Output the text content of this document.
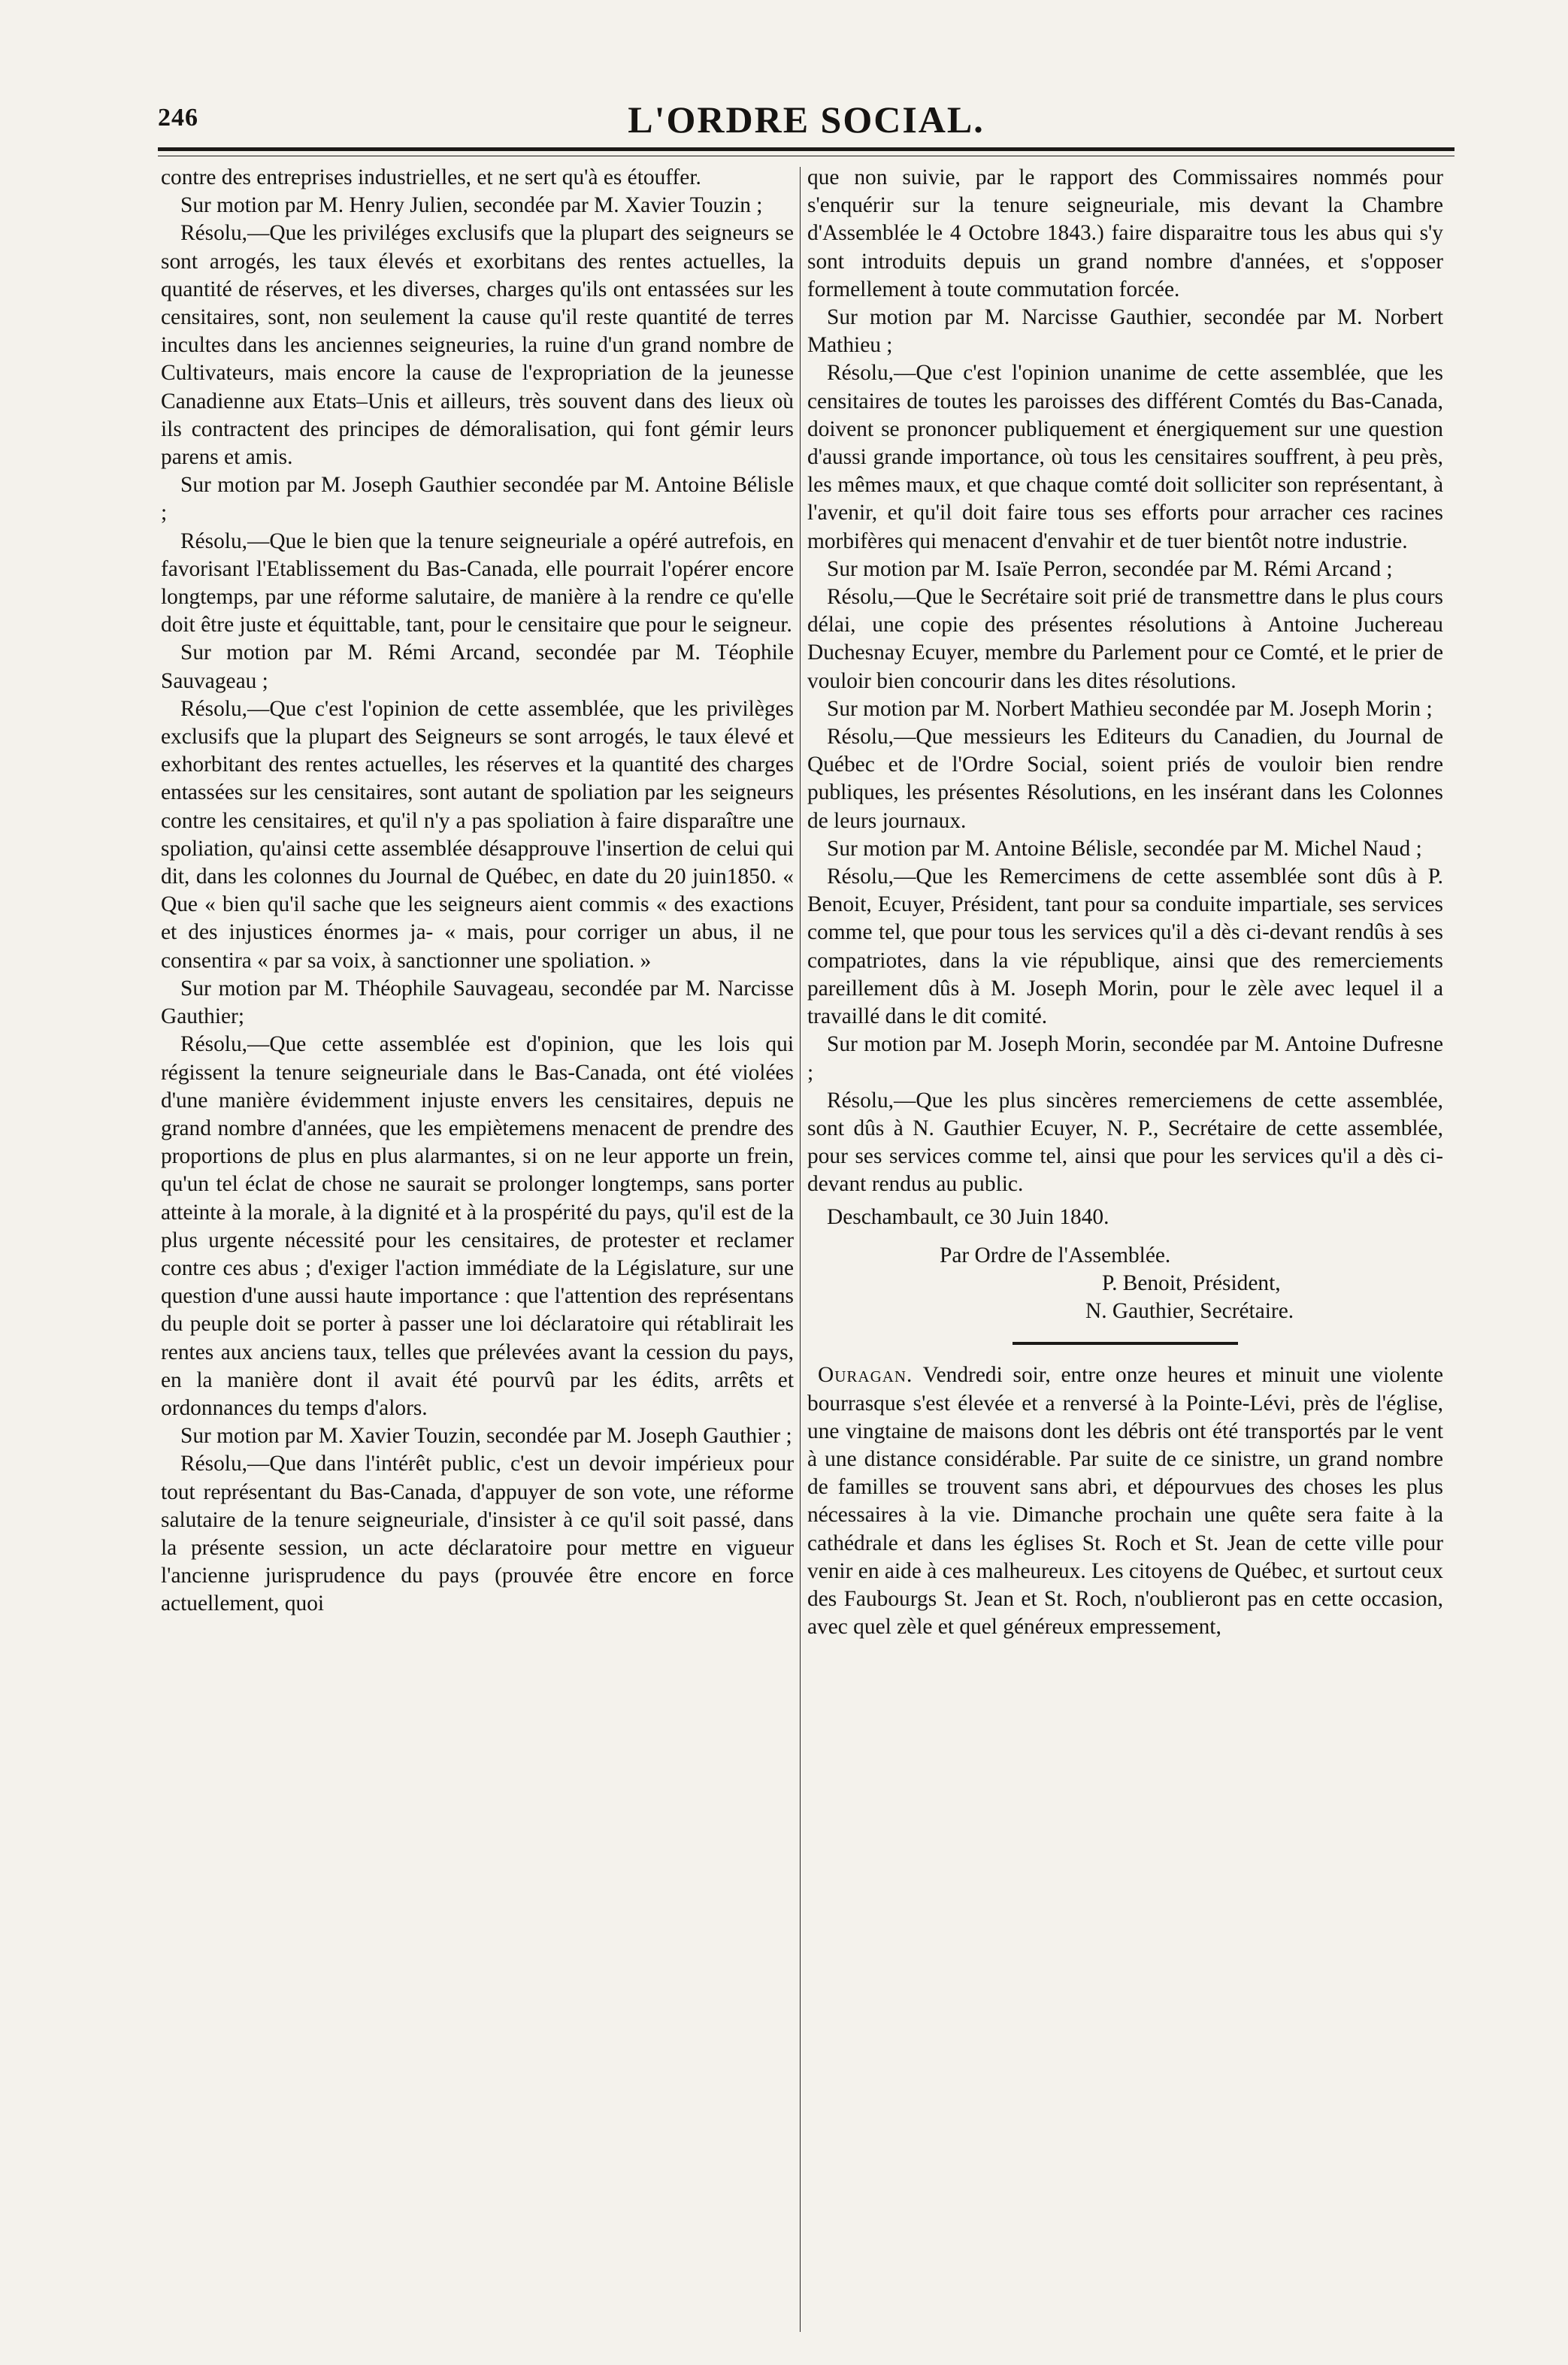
246	L'ORDRE SOCIAL.

contre des entreprises industrielles, et ne sert qu'à es étouffer.

Sur motion par M. Henry Julien, secondée par M. Xavier Touzin ;

Résolu,—Que les priviléges exclusifs que la plupart des seigneurs se sont arrogés, les taux élevés et exorbitans des rentes actuelles, la quantité de réserves, et les diverses, charges qu'ils ont entassées sur les censitaires, sont, non seulement la cause qu'il reste quantité de terres incultes dans les anciennes seigneuries, la ruine d'un grand nombre de Cultivateurs, mais encore la cause de l'expropriation de la jeunesse Canadienne aux Etats–Unis et ailleurs, très souvent dans des lieux où ils contractent des principes de démoralisation, qui font gémir leurs parens et amis.

Sur motion par M. Joseph Gauthier secondée par M. Antoine Bélisle ;

Résolu,—Que le bien que la tenure seigneuriale a opéré autrefois, en favorisant l'Etablissement du Bas-Canada, elle pourrait l'opérer encore longtemps, par une réforme salutaire, de manière à la rendre ce qu'elle doit être juste et équittable, tant, pour le censitaire que pour le seigneur.

Sur motion par M. Rémi Arcand, secondée par M. Téophile Sauvageau ;

Résolu,—Que c'est l'opinion de cette assemblée, que les privilèges exclusifs que la plupart des Seigneurs se sont arrogés, le taux élevé et exhorbitant des rentes actuelles, les réserves et la quantité des charges entassées sur les censitaires, sont autant de spoliation par les seigneurs contre les censitaires, et qu'il n'y a pas spoliation à faire disparaître une spoliation, qu'ainsi cette assemblée désapprouve l'insertion de celui qui dit, dans les colonnes du Journal de Québec, en date du 20 juin1850. « Que « bien qu'il sache que les seigneurs aient commis « des exactions et des injustices énormes ja- « mais, pour corriger un abus, il ne consentira « par sa voix, à sanctionner une spoliation. »

Sur motion par M. Théophile Sauvageau, secondée par M. Narcisse Gauthier;

Résolu,—Que cette assemblée est d'opinion, que les lois qui régissent la tenure seigneuriale dans le Bas-Canada, ont été violées d'une manière évidemment injuste envers les censitaires, depuis ne grand nombre d'années, que les empiètemens menacent de prendre des proportions de plus en plus alarmantes, si on ne leur apporte un frein, qu'un tel éclat de chose ne saurait se prolonger longtemps, sans porter atteinte à la morale, à la dignité et à la prospérité du pays, qu'il est de la plus urgente nécessité pour les censitaires, de protester et reclamer contre ces abus ; d'exiger l'action immédiate de la Législature, sur une question d'une aussi haute importance : que l'attention des représentans du peuple doit se porter à passer une loi déclaratoire qui rétablirait les rentes aux anciens taux, telles que prélevées avant la cession du pays, en la manière dont il avait été pourvû par les édits, arrêts et ordonnances du temps d'alors.

Sur motion par M. Xavier Touzin, secondée par M. Joseph Gauthier ;

Résolu,—Que dans l'intérêt public, c'est un devoir impérieux pour tout représentant du Bas-Canada, d'appuyer de son vote, une réforme salutaire de la tenure seigneuriale, d'insister à ce qu'il soit passé, dans la présente session, un acte déclaratoire pour mettre en vigueur l'ancienne jurisprudence du pays (prouvée être encore en force actuellement, quoi

que non suivie, par le rapport des Commissaires nommés pour s'enquérir sur la tenure seigneuriale, mis devant la Chambre d'Assemblée le 4 Octobre 1843.) faire disparaitre tous les abus qui s'y sont introduits depuis un grand nombre d'années, et s'opposer formellement à toute commutation forcée.

Sur motion par M. Narcisse Gauthier, secondée par M. Norbert Mathieu ;

Résolu,—Que c'est l'opinion unanime de cette assemblée, que les censitaires de toutes les paroisses des différent Comtés du Bas-Canada, doivent se prononcer publiquement et énergiquement sur une question d'aussi grande importance, où tous les censitaires souffrent, à peu près, les mêmes maux, et que chaque comté doit solliciter son représentant, à l'avenir, et qu'il doit faire tous ses efforts pour arracher ces racines morbifères qui menacent d'envahir et de tuer bientôt notre industrie.

Sur motion par M. Isaïe Perron, secondée par M. Rémi Arcand ;

Résolu,—Que le Secrétaire soit prié de transmettre dans le plus cours délai, une copie des présentes résolutions à Antoine Juchereau Duchesnay Ecuyer, membre du Parlement pour ce Comté, et le prier de vouloir bien concourir dans les dites résolutions.

Sur motion par M. Norbert Mathieu secondée par M. Joseph Morin ;

Résolu,—Que messieurs les Editeurs du Canadien, du Journal de Québec et de l'Ordre Social, soient priés de vouloir bien rendre publiques, les présentes Résolutions, en les insérant dans les Colonnes de leurs journaux.

Sur motion par M. Antoine Bélisle, secondée par M. Michel Naud ;

Résolu,—Que les Remercimens de cette assemblée sont dûs à P. Benoit, Ecuyer, Président, tant pour sa conduite impartiale, ses services comme tel, que pour tous les services qu'il a dès ci-devant rendûs à ses compatriotes, dans la vie république, ainsi que des remerciements pareillement dûs à M. Joseph Morin, pour le zèle avec lequel il a travaillé dans le dit comité.

Sur motion par M. Joseph Morin, secondée par M. Antoine Dufresne ;

Résolu,—Que les plus sincères remerciemens de cette assemblée, sont dûs à N. Gauthier Ecuyer, N. P., Secrétaire de cette assemblée, pour ses services comme tel, ainsi que pour les services qu'il a dès ci-devant rendus au public.

Deschambault, ce 30 Juin 1840.

Par Ordre de l'Assemblée.

P. Benoit, Président,

N. Gauthier, Secrétaire.

Ouragan. Vendredi soir, entre onze heures et minuit une violente bourrasque s'est élevée et a renversé à la Pointe-Lévi, près de l'église, une vingtaine de maisons dont les débris ont été transportés par le vent à une distance considérable. Par suite de ce sinistre, un grand nombre de familles se trouvent sans abri, et dépourvues des choses les plus nécessaires à la vie. Dimanche prochain une quête sera faite à la cathédrale et dans les églises St. Roch et St. Jean de cette ville pour venir en aide à ces malheureux. Les citoyens de Québec, et surtout ceux des Faubourgs St. Jean et St. Roch, n'oublieront pas en cette occasion, avec quel zèle et quel généreux empressement,
